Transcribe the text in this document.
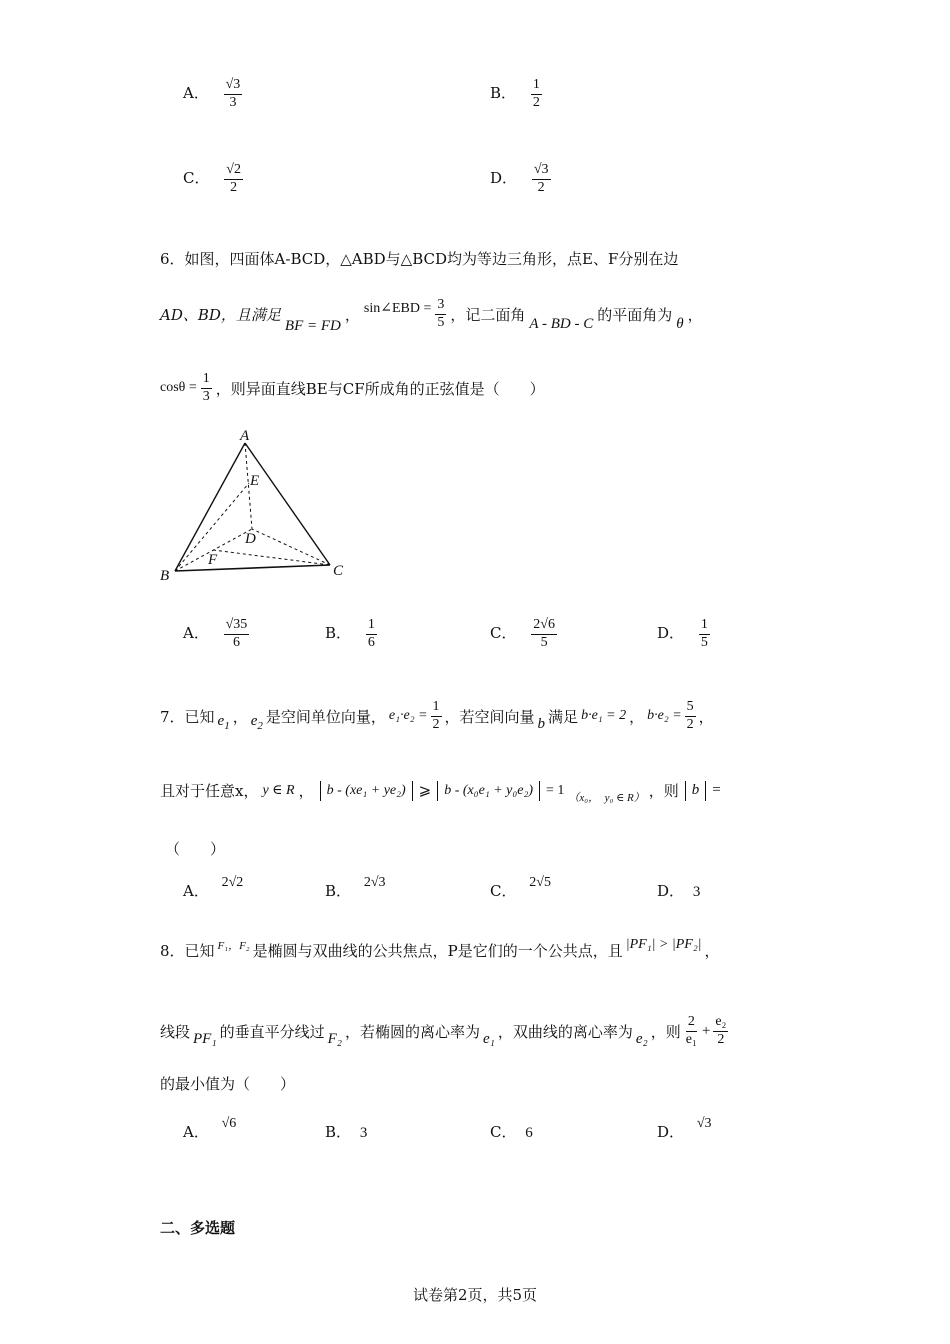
A． $\frac{√3}{3}$	B． $\frac{1}{2}$
C． $\frac{√2}{2}$	D． $\frac{√3}{2}$
6．如图，四面体A-BCD，△ABD与△BCD均为等边三角形，点E、F分别在边
AD、BD，且满足
BF = FD
， sin∠EBD = $\frac{3}{5}$ ，记二面角 A - BD - C 的平面角为 θ ，
$\cos\theta = \frac{1}{3}$ ，则异面直线BE与CF所成角的正弦值是（　　）
A
E
D
F
B	C
A． $\frac{√35}{6}$	B． $\frac{1}{6}$	C． $\frac{2√6}{5}$	D． $\frac{1}{5}$
7．已知 $e_1$ ， $e_2$ 是空间单位向量， $e_1\cdot e_2 = \frac{1}{2}$ ，若空间向量 b 满足 b·e₁ = 2 ， $b\cdot e_2 = \frac{5}{2}$ ，
且对于任意x， y ∈ R ， b - (xe₁ + ye₂) ⩾ b - (x₀e₁ + y₀e₂) = 1 （x₀，　y₀ ∈ R） ，则 b =
（　　）
A． 2√2	B． 2√3	C． 2√5	D． 3
8．已知 F₁，F₂ 是椭圆与双曲线的公共焦点，P是它们的一个公共点，且 |PF₁| > |PF₂| ，
线段 PF₁ 的垂直平分线过 F₂ ，若椭圆的离心率为 e₁ ，双曲线的离心率为 e₂ ，则 $\frac{2}{\text{e₁}} + \frac{\text{e₂}}{2}$
的最小值为（　　）
A． √6	B． 3	C． 6	D． √3
二、多选题
试卷第2页，共5页
